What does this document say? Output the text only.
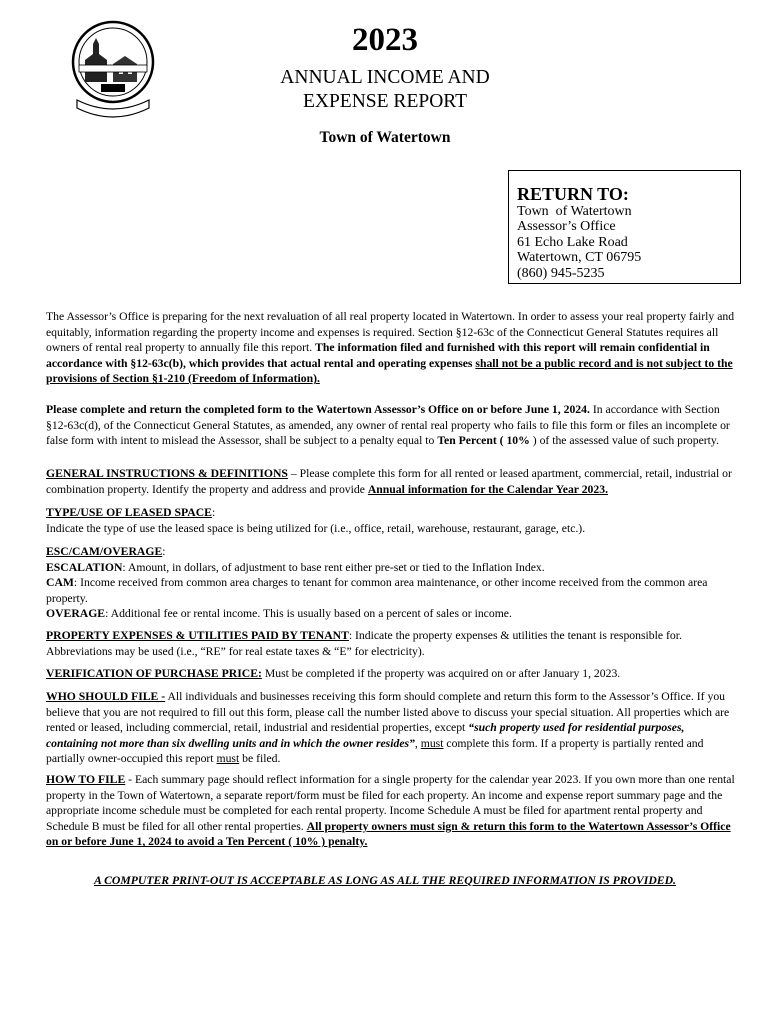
2023
ANNUAL INCOME AND
EXPENSE REPORT
Town of Watertown
RETURN TO:
Town  of Watertown
Assessor’s Office
61 Echo Lake Road
Watertown, CT 06795
(860) 945-5235

The Assessor’s Office is preparing for the next revaluation of all real property located in Watertown. In order to assess your real property fairly and equitably, information regarding the property income and expenses is required. Section §12-63c of the Connecticut General Statutes requires all owners of rental real property to annually file this report. The information filed and furnished with this report will remain confidential in accordance with §12-63c(b), which provides that actual rental and operating expenses shall not be a public record and is not subject to the provisions of Section §1-210 (Freedom of Information).

Please complete and return the completed form to the Watertown Assessor’s Office on or before June 1, 2024. In accordance with Section §12-63c(d), of the Connecticut General Statutes, as amended, any owner of rental real property who fails to file this form or files an incomplete or false form with intent to mislead the Assessor, shall be subject to a penalty equal to Ten Percent ( 10% ) of the assessed value of such property.

GENERAL INSTRUCTIONS & DEFINITIONS – Please complete this form for all rented or leased apartment, commercial, retail, industrial or combination property. Identify the property and address and provide Annual information for the Calendar Year 2023.

TYPE/USE OF LEASED SPACE:
Indicate the type of use the leased space is being utilized for (i.e., office, retail, warehouse, restaurant, garage, etc.).

ESC/CAM/OVERAGE:
ESCALATION: Amount, in dollars, of adjustment to base rent either pre-set or tied to the Inflation Index.
CAM: Income received from common area charges to tenant for common area maintenance, or other income received from the common area property.
OVERAGE: Additional fee or rental income. This is usually based on a percent of sales or income.

PROPERTY EXPENSES & UTILITIES PAID BY TENANT: Indicate the property expenses & utilities the tenant is responsible for. Abbreviations may be used (i.e., “RE” for real estate taxes & “E” for electricity).

VERIFICATION OF PURCHASE PRICE: Must be completed if the property was acquired on or after January 1, 2023.

WHO SHOULD FILE - All individuals and businesses receiving this form should complete and return this form to the Assessor’s Office. If you believe that you are not required to fill out this form, please call the number listed above to discuss your special situation. All properties which are rented or leased, including commercial, retail, industrial and residential properties, except “such property used for residential purposes, containing not more than six dwelling units and in which the owner resides”, must complete this form. If a property is partially rented and partially owner-occupied this report must be filed.

HOW TO FILE - Each summary page should reflect information for a single property for the calendar year 2023. If you own more than one rental property in the Town of Watertown, a separate report/form must be filed for each property. An income and expense report summary page and the appropriate income schedule must be completed for each rental property. Income Schedule A must be filed for apartment rental property and Schedule B must be filed for all other rental properties. All property owners must sign & return this form to the Watertown Assessor’s Office on or before June 1, 2024 to avoid a Ten Percent ( 10% ) penalty.

A COMPUTER PRINT-OUT IS ACCEPTABLE AS LONG AS ALL THE REQUIRED INFORMATION IS PROVIDED.
